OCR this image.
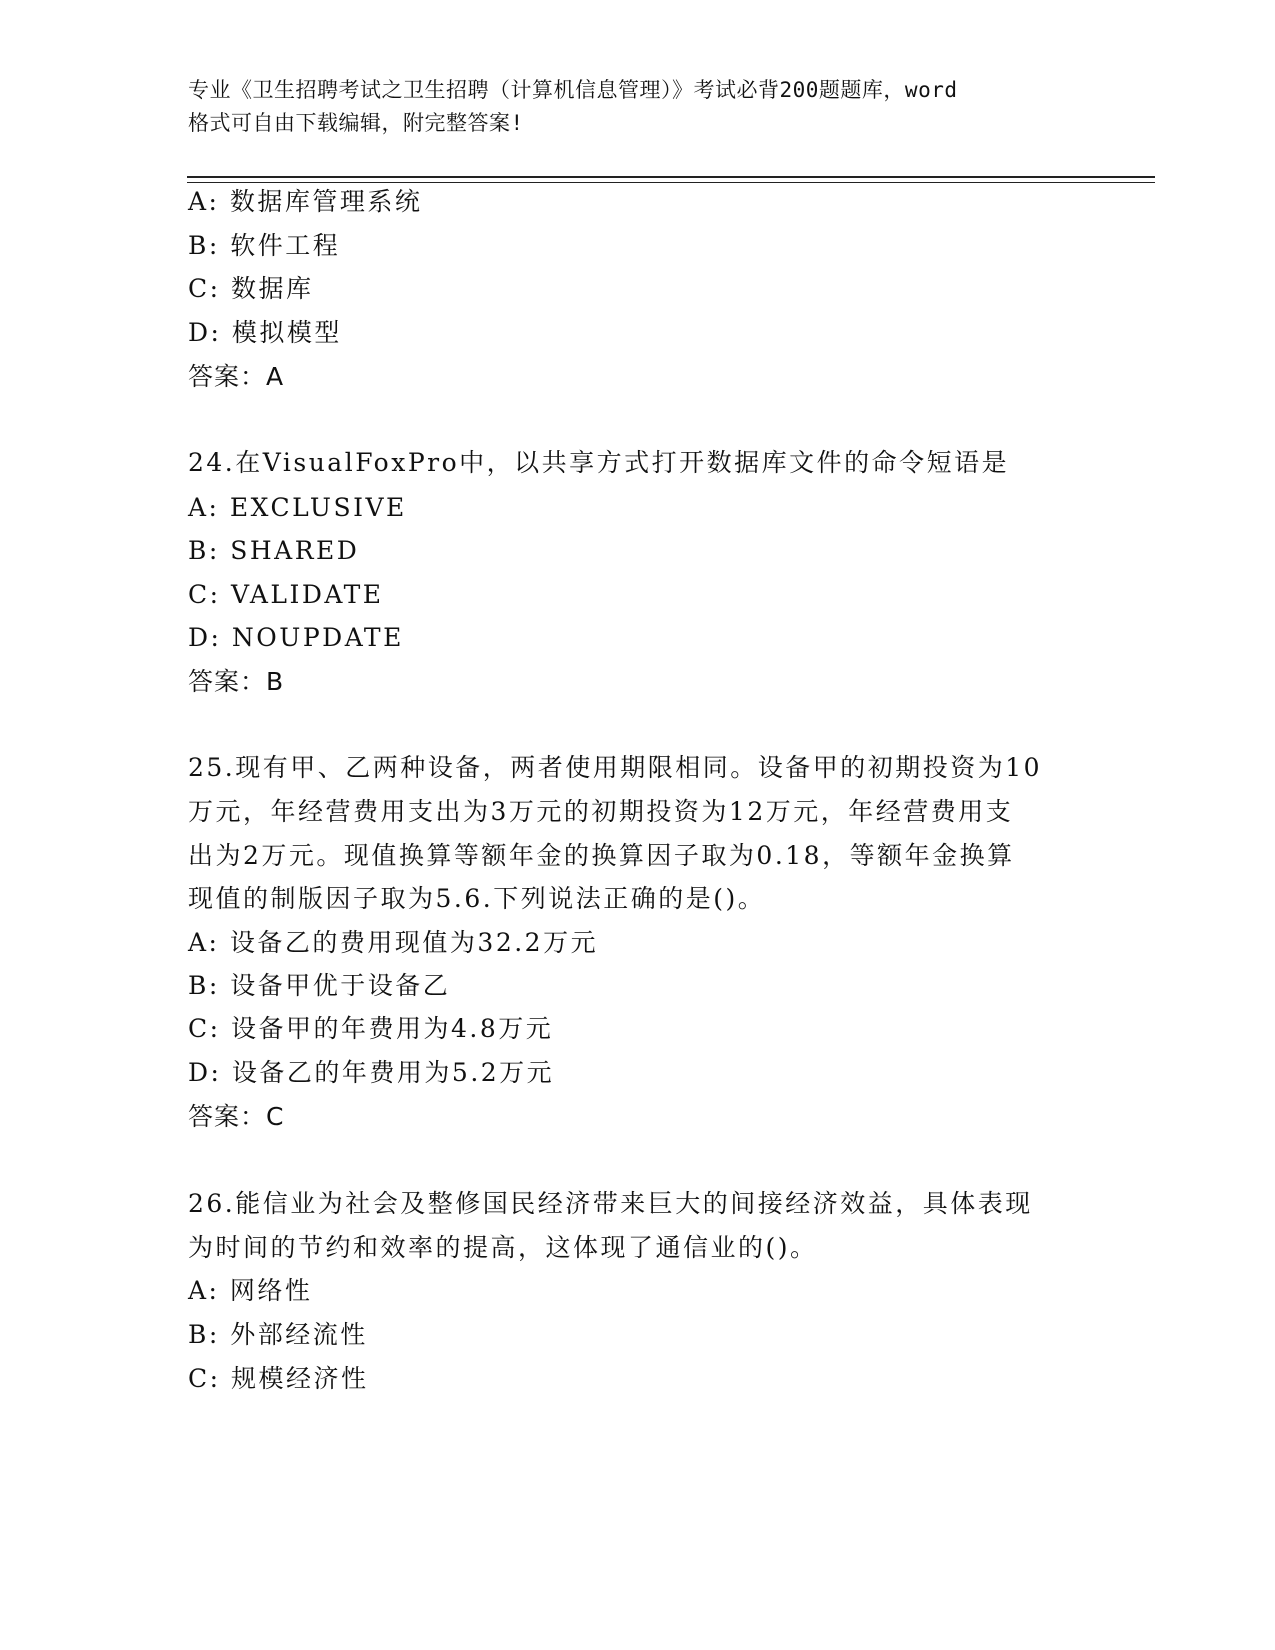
专业《卫生招聘考试之卫生招聘（计算机信息管理）》考试必背200题题库，word
格式可自由下载编辑，附完整答案!
A: 数据库管理系统
B: 软件工程
C: 数据库
D: 模拟模型
答案：A
24.在VisualFoxPro中，以共享方式打开数据库文件的命令短语是
A: EXCLUSIVE
B: SHARED
C: VALIDATE
D: NOUPDATE
答案：B
25.现有甲、乙两种设备，两者使用期限相同。设备甲的初期投资为10
万元，年经营费用支出为3万元的初期投资为12万元，年经营费用支
出为2万元。现值换算等额年金的换算因子取为0.18，等额年金换算
现值的制版因子取为5.6.下列说法正确的是()。
A: 设备乙的费用现值为32.2万元
B: 设备甲优于设备乙
C: 设备甲的年费用为4.8万元
D: 设备乙的年费用为5.2万元
答案：C
26.能信业为社会及整修国民经济带来巨大的间接经济效益，具体表现
为时间的节约和效率的提高，这体现了通信业的()。
A: 网络性
B: 外部经流性
C: 规模经济性
